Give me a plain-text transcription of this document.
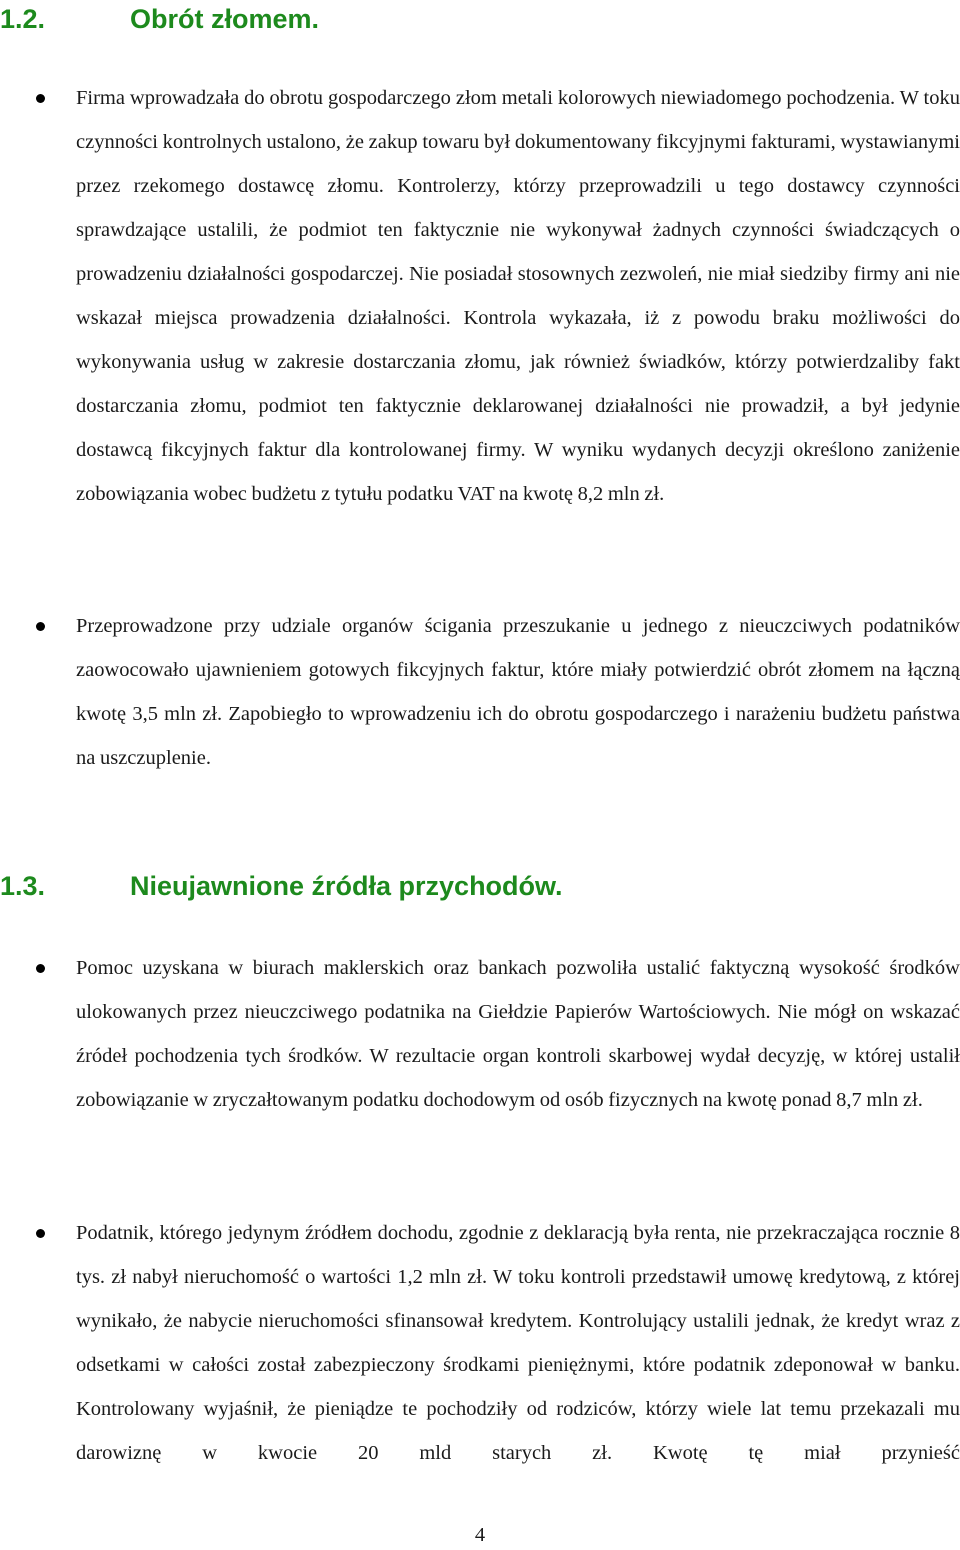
1.2.	Obrót złomem.

Firma wprowadzała do obrotu gospodarczego złom metali kolorowych niewiadomego pochodzenia. W toku czynności kontrolnych ustalono, że zakup towaru był dokumentowany fikcyjnymi fakturami, wystawianymi przez rzekomego dostawcę złomu. Kontrolerzy, którzy przeprowadzili u tego dostawcy czynności sprawdzające ustalili, że podmiot ten faktycznie nie wykonywał żadnych czynności świadczących o prowadzeniu działalności gospodarczej. Nie posiadał stosownych zezwoleń, nie miał siedziby firmy ani nie wskazał miejsca prowadzenia działalności. Kontrola wykazała, iż z powodu braku możliwości do wykonywania usług w zakresie dostarczania złomu, jak również świadków, którzy potwierdzaliby fakt dostarczania złomu, podmiot ten faktycznie deklarowanej działalności nie prowadził, a był jedynie dostawcą fikcyjnych faktur dla kontrolowanej firmy. W wyniku wydanych decyzji określono zaniżenie zobowiązania wobec budżetu z tytułu podatku VAT na kwotę 8,2 mln zł.

Przeprowadzone przy udziale organów ścigania przeszukanie u jednego z nieuczciwych podatników zaowocowało ujawnieniem gotowych fikcyjnych faktur, które miały potwierdzić obrót złomem na łączną kwotę 3,5 mln zł. Zapobiegło to wprowadzeniu ich do obrotu gospodarczego i narażeniu budżetu państwa na uszczuplenie.

1.3.	Nieujawnione źródła przychodów.

Pomoc uzyskana w biurach maklerskich oraz bankach pozwoliła ustalić faktyczną wysokość środków ulokowanych przez nieuczciwego podatnika na Giełdzie Papierów Wartościowych. Nie mógł on wskazać źródeł pochodzenia tych środków. W rezultacie organ kontroli skarbowej wydał decyzję, w której ustalił zobowiązanie w zryczałtowanym podatku dochodowym od osób fizycznych na kwotę ponad 8,7 mln zł.

Podatnik, którego jedynym źródłem dochodu, zgodnie z deklaracją była renta, nie przekraczająca rocznie 8 tys. zł nabył nieruchomość o wartości 1,2 mln zł. W toku kontroli przedstawił umowę kredytową, z której wynikało, że nabycie nieruchomości sfinansował kredytem. Kontrolujący ustalili jednak, że kredyt wraz z odsetkami w całości został zabezpieczony środkami pieniężnymi, które podatnik zdeponował w banku. Kontrolowany wyjaśnił, że pieniądze te pochodziły od rodziców, którzy wiele lat temu przekazali mu darowiznę w kwocie 20 mld starych zł. Kwotę tę miał przynieść

4
